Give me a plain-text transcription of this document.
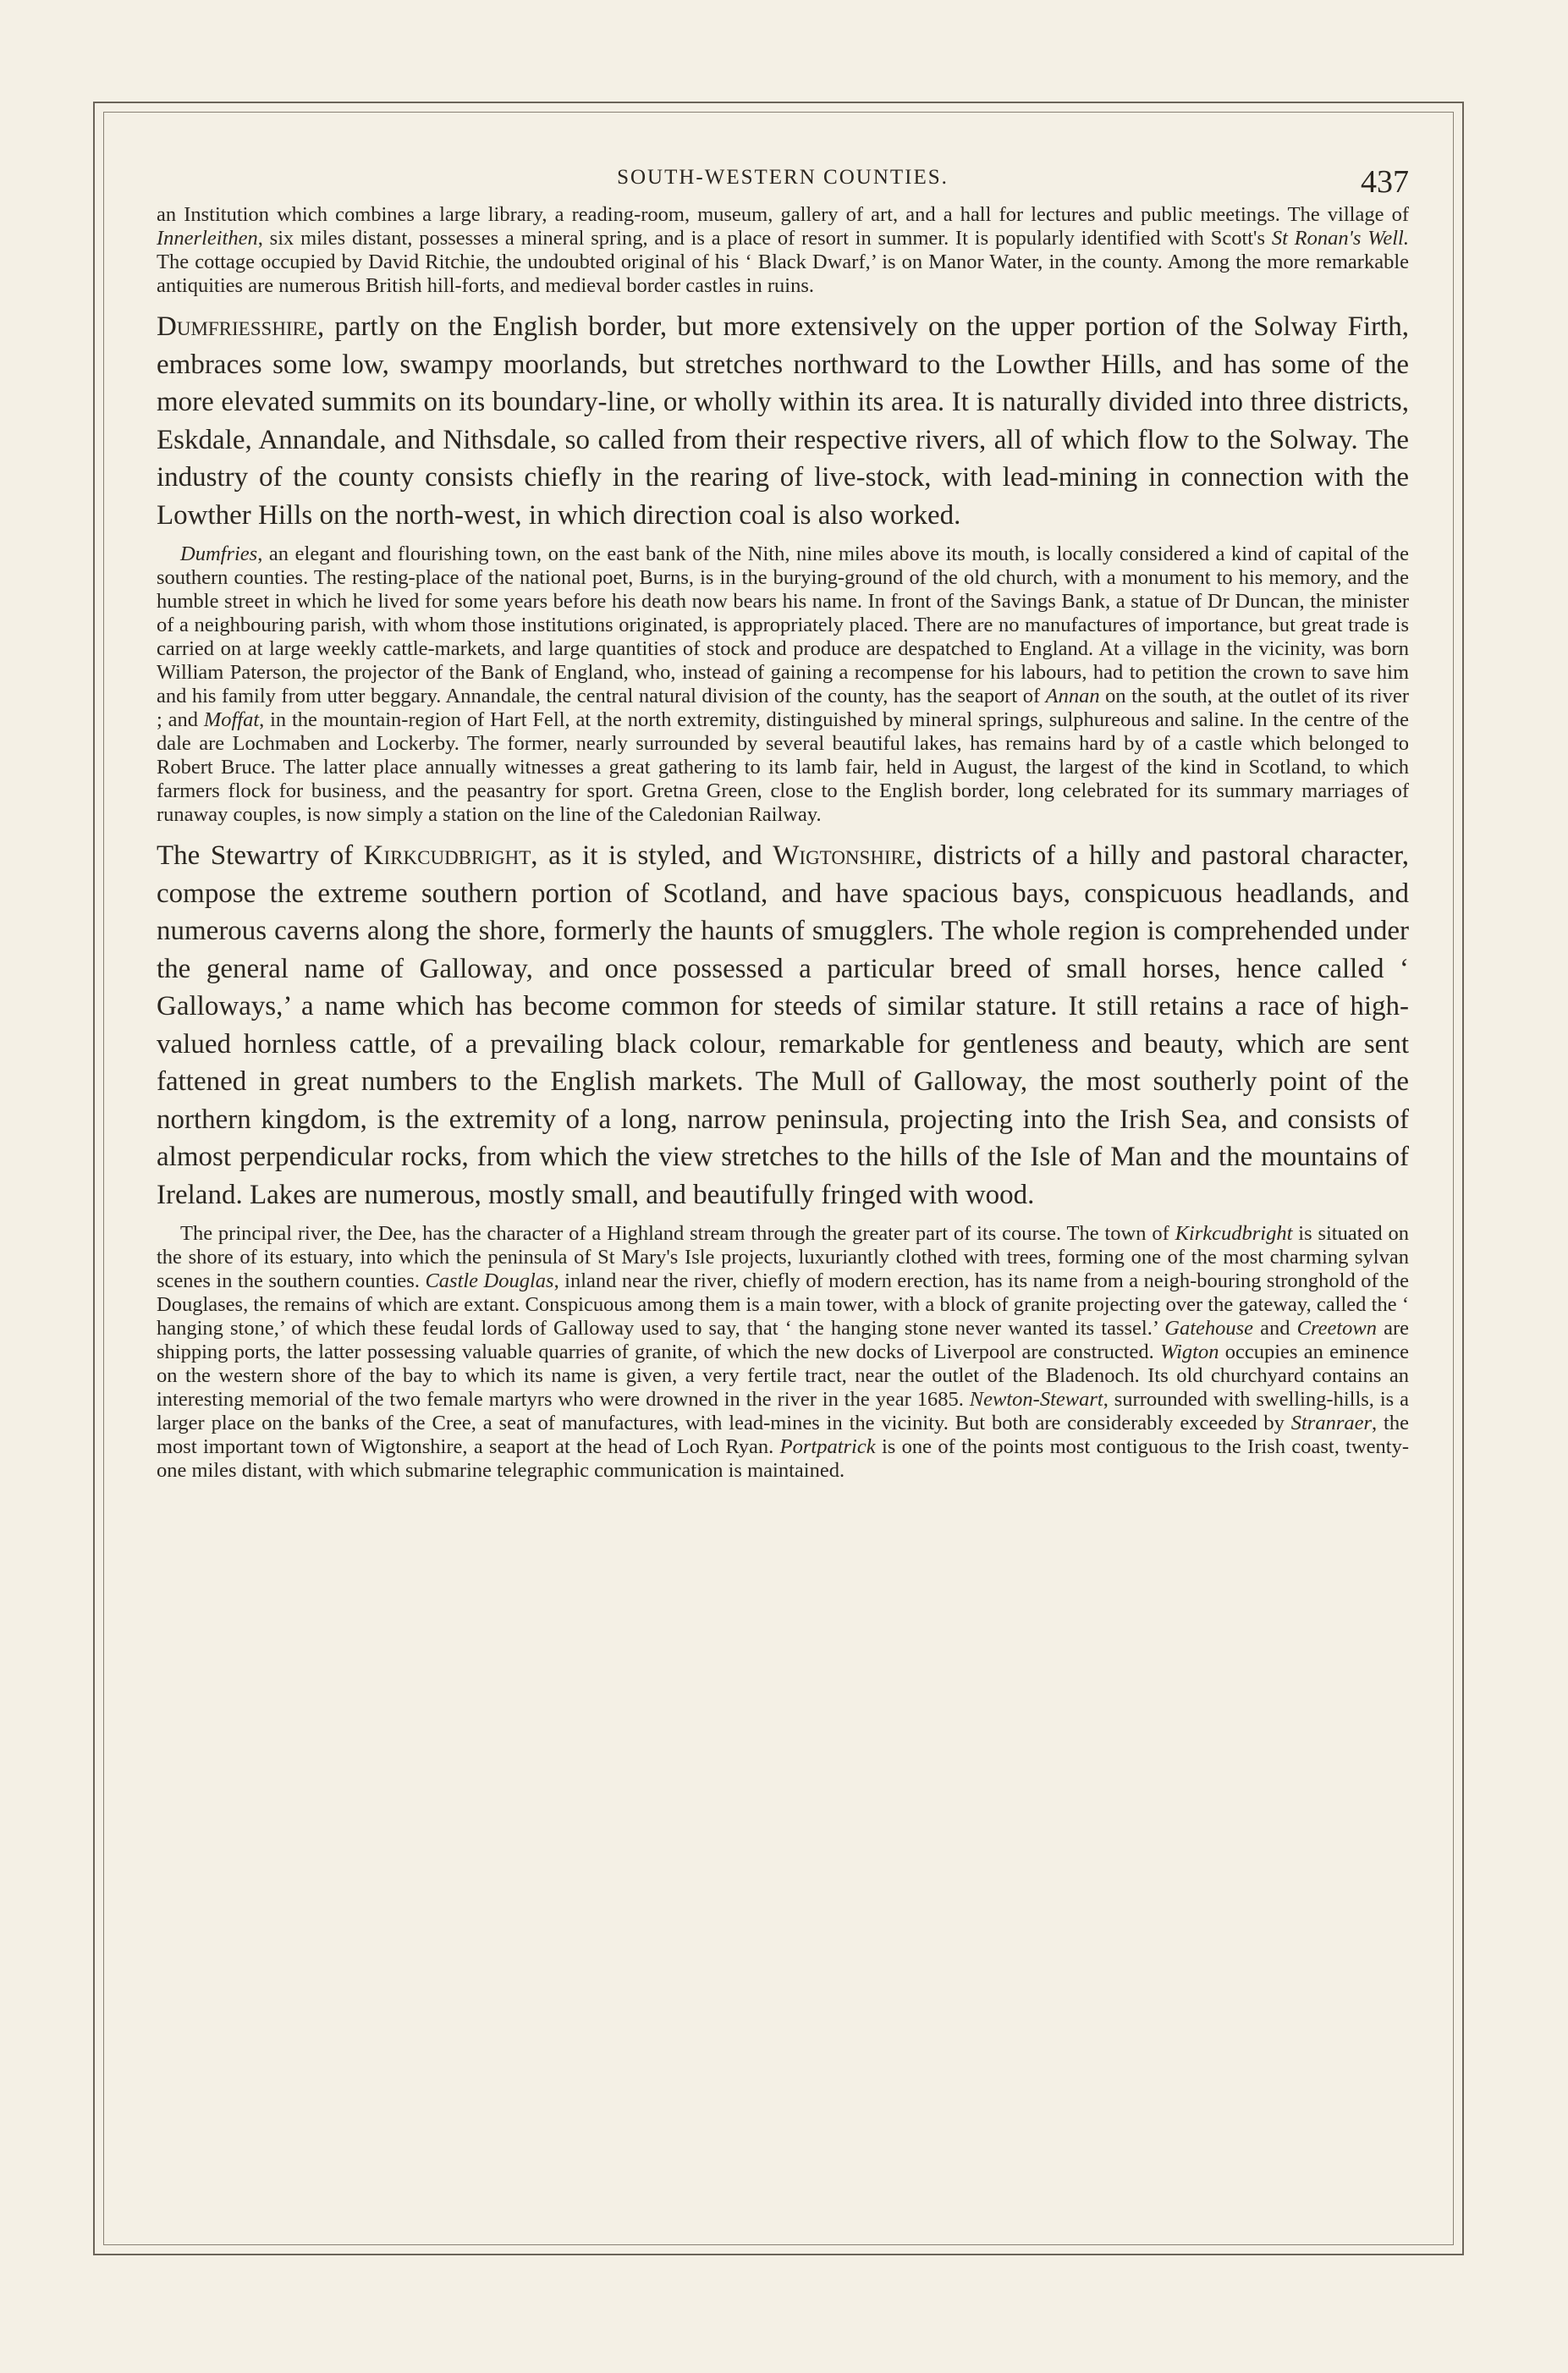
SOUTH-WESTERN COUNTIES.	437

an Institution which combines a large library, a reading-room, museum, gallery of art, and a hall for lectures and public meetings. The village of Innerleithen, six miles distant, possesses a mineral spring, and is a place of resort in summer. It is popularly identified with Scott's St Ronan's Well. The cottage occupied by David Ritchie, the undoubted original of his ‘ Black Dwarf,’ is on Manor Water, in the county. Among the more remarkable antiquities are numerous British hill-forts, and medieval border castles in ruins.

Dumfriesshire, partly on the English border, but more extensively on the upper portion of the Solway Firth, embraces some low, swampy moorlands, but stretches northward to the Lowther Hills, and has some of the more elevated summits on its boundary-line, or wholly within its area. It is naturally divided into three districts, Eskdale, Annandale, and Nithsdale, so called from their respective rivers, all of which flow to the Solway. The industry of the county consists chiefly in the rearing of live-stock, with lead-mining in connection with the Lowther Hills on the north-west, in which direction coal is also worked.

Dumfries, an elegant and flourishing town, on the east bank of the Nith, nine miles above its mouth, is locally considered a kind of capital of the southern counties. The resting-place of the national poet, Burns, is in the burying-ground of the old church, with a monument to his memory, and the humble street in which he lived for some years before his death now bears his name. In front of the Savings Bank, a statue of Dr Duncan, the minister of a neighbouring parish, with whom those institutions originated, is appropriately placed. There are no manufactures of importance, but great trade is carried on at large weekly cattle-markets, and large quantities of stock and produce are despatched to England. At a village in the vicinity, was born William Paterson, the projector of the Bank of England, who, instead of gaining a recompense for his labours, had to petition the crown to save him and his family from utter beggary. Annandale, the central natural division of the county, has the seaport of Annan on the south, at the outlet of its river ; and Moffat, in the mountain-region of Hart Fell, at the north extremity, distinguished by mineral springs, sulphureous and saline. In the centre of the dale are Lochmaben and Lockerby. The former, nearly surrounded by several beautiful lakes, has remains hard by of a castle which belonged to Robert Bruce. The latter place annually witnesses a great gathering to its lamb fair, held in August, the largest of the kind in Scotland, to which farmers flock for business, and the peasantry for sport. Gretna Green, close to the English border, long celebrated for its summary marriages of runaway couples, is now simply a station on the line of the Caledonian Railway.

The Stewartry of Kirkcudbright, as it is styled, and Wigtonshire, districts of a hilly and pastoral character, compose the extreme southern portion of Scotland, and have spacious bays, conspicuous headlands, and numerous caverns along the shore, formerly the haunts of smugglers. The whole region is comprehended under the general name of Galloway, and once possessed a particular breed of small horses, hence called ‘ Galloways,’ a name which has become common for steeds of similar stature. It still retains a race of high-valued hornless cattle, of a prevailing black colour, remarkable for gentleness and beauty, which are sent fattened in great numbers to the English markets. The Mull of Galloway, the most southerly point of the northern kingdom, is the extremity of a long, narrow peninsula, projecting into the Irish Sea, and consists of almost perpendicular rocks, from which the view stretches to the hills of the Isle of Man and the mountains of Ireland. Lakes are numerous, mostly small, and beautifully fringed with wood.

The principal river, the Dee, has the character of a Highland stream through the greater part of its course. The town of Kirkcudbright is situated on the shore of its estuary, into which the peninsula of St Mary's Isle projects, luxuriantly clothed with trees, forming one of the most charming sylvan scenes in the southern counties. Castle Douglas, inland near the river, chiefly of modern erection, has its name from a neigh-bouring stronghold of the Douglases, the remains of which are extant. Conspicuous among them is a main tower, with a block of granite projecting over the gateway, called the ‘ hanging stone,’ of which these feudal lords of Galloway used to say, that ‘ the hanging stone never wanted its tassel.’ Gatehouse and Creetown are shipping ports, the latter possessing valuable quarries of granite, of which the new docks of Liverpool are constructed. Wigton occupies an eminence on the western shore of the bay to which its name is given, a very fertile tract, near the outlet of the Bladenoch. Its old churchyard contains an interesting memorial of the two female martyrs who were drowned in the river in the year 1685. Newton-Stewart, surrounded with swelling-hills, is a larger place on the banks of the Cree, a seat of manufactures, with lead-mines in the vicinity. But both are considerably exceeded by Stranraer, the most important town of Wigtonshire, a seaport at the head of Loch Ryan. Portpatrick is one of the points most contiguous to the Irish coast, twenty-one miles distant, with which submarine telegraphic communication is maintained.
